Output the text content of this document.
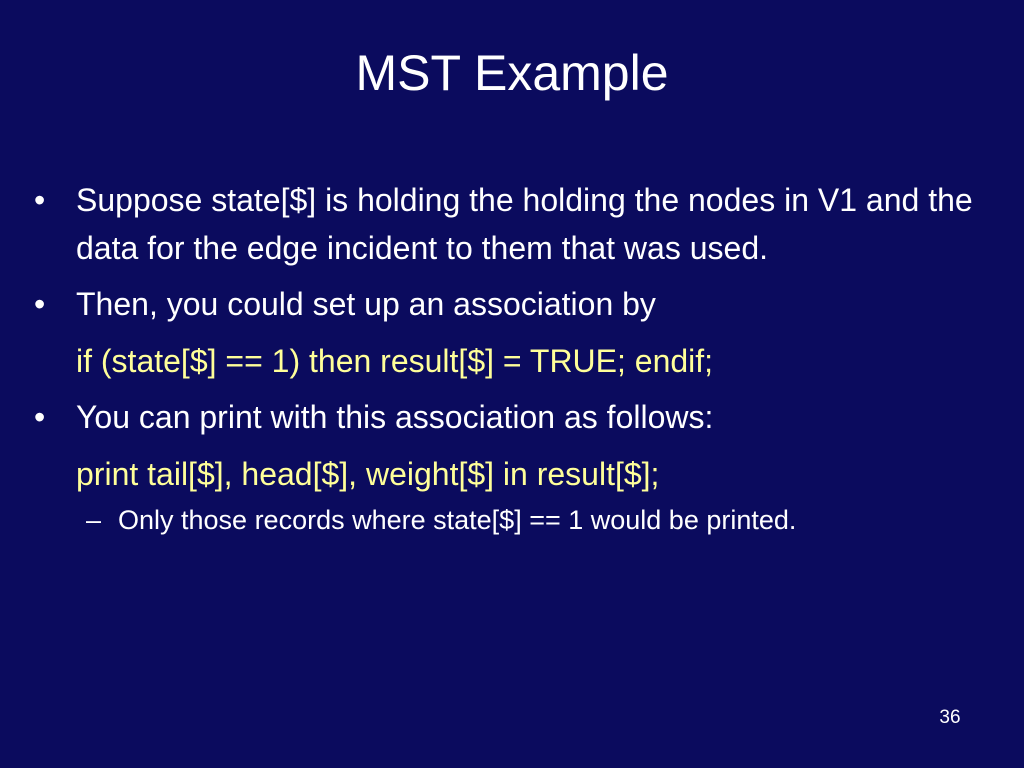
MST Example
• Suppose state[$] is holding the holding the nodes in V1 and the data for the edge incident to them that was used.
• Then, you could set up an association by
if (state[$] == 1) then result[$] = TRUE; endif;
• You can print with this association as follows:
print tail[$], head[$], weight[$] in result[$];
– Only those records where state[$] == 1 would be printed.
36
